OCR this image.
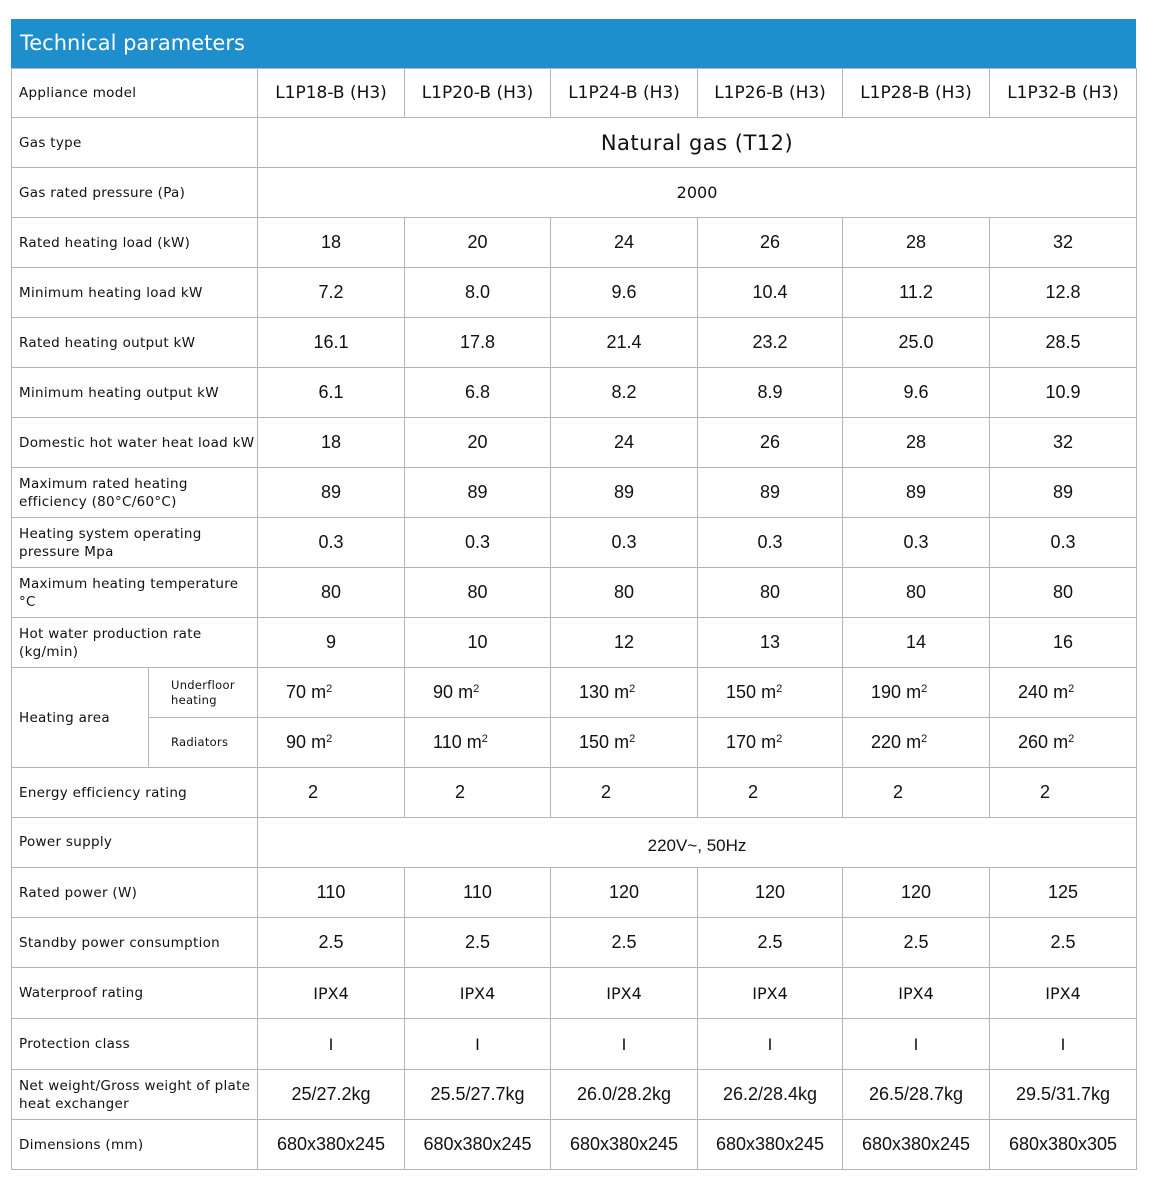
Technical parameters
Appliance model		L1P18-B (H3)	L1P20-B (H3)	L1P24-B (H3)	L1P26-B (H3)	L1P28-B (H3)	L1P32-B (H3)
Gas type		Natural gas (T12)					
Gas rated pressure (Pa)		2000					
Rated heating load (kW)		18	20	24	26	28	32
Minimum heating load kW		7.2	8.0	9.6	10.4	11.2	12.8
Rated heating output kW		16.1	17.8	21.4	23.2	25.0	28.5
Minimum heating output kW		6.1	6.8	8.2	8.9	9.6	10.9
Domestic hot water heat load kW		18	20	24	26	28	32
Maximum rated heating efficiency (80°C/60°C)		89	89	89	89	89	89
Heating system operating pressure Mpa		0.3	0.3	0.3	0.3	0.3	0.3
Maximum heating temperature °C		80	80	80	80	80	80
Hot water production rate (kg/min)		9	10	12	13	14	16
Heating area	Underfloor heating	70 $m^2$	90 $m^2$	130 $m^2$	150 $m^2$	190 $m^2$	240 $m^2$
	Radiators	90 $m^2$	110 $m^2$	150 $m^2$	170 $m^2$	220 $m^2$	260 $m^2$
Energy efficiency rating		2	2	2	2	2	2
Power supply		220V~, 50Hz					
Rated power (W)		110	110	120	120	120	125
Standby power consumption		2.5	2.5	2.5	2.5	2.5	2.5
Waterproof rating		IPX4	IPX4	IPX4	IPX4	IPX4	IPX4
Protection class		I	I	I	I	I	I
Net weight/Gross weight of plate heat exchanger		25/27.2kg	25.5/27.7kg	26.0/28.2kg	26.2/28.4kg	26.5/28.7kg	29.5/31.7kg
Dimensions (mm)		680x380x245	680x380x245	680x380x245	680x380x245	680x380x245	680x380x305
